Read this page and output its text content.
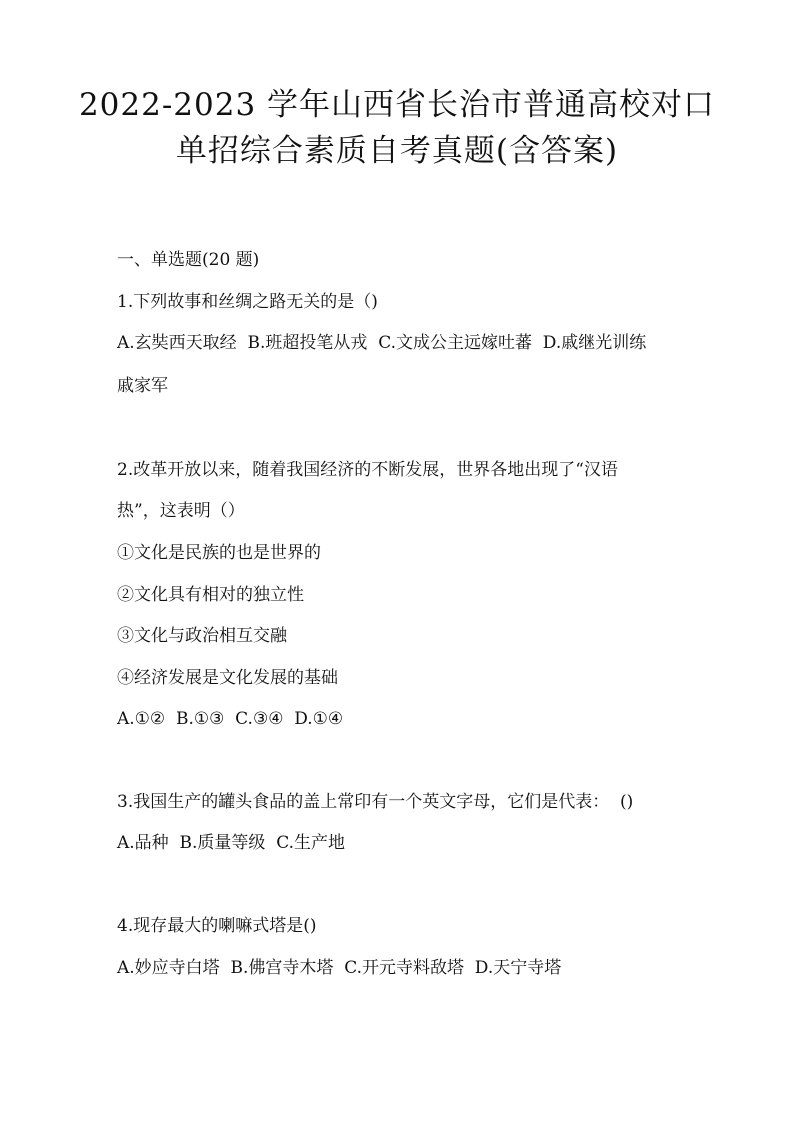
2022-2023 学年山西省长治市普通高校对口
单招综合素质自考真题(含答案)
一、单选题(20 题)
1.下列故事和丝绸之路无关的是（)
A.玄奘西天取经  B.班超投笔从戎  C.文成公主远嫁吐蕃  D.戚继光训练
戚家军
2.改革开放以来，随着我国经济的不断发展，世界各地出现了“汉语
热”，这表明（）
①文化是民族的也是世界的
②文化具有相对的独立性
③文化与政治相互交融
④经济发展是文化发展的基础
A.①②  B.①③  C.③④  D.①④
3.我国生产的罐头食品的盖上常印有一个英文字母，它们是代表：  ()
A.品种  B.质量等级  C.生产地
4.现存最大的喇嘛式塔是()
A.妙应寺白塔  B.佛宫寺木塔  C.开元寺料敌塔  D.天宁寺塔
